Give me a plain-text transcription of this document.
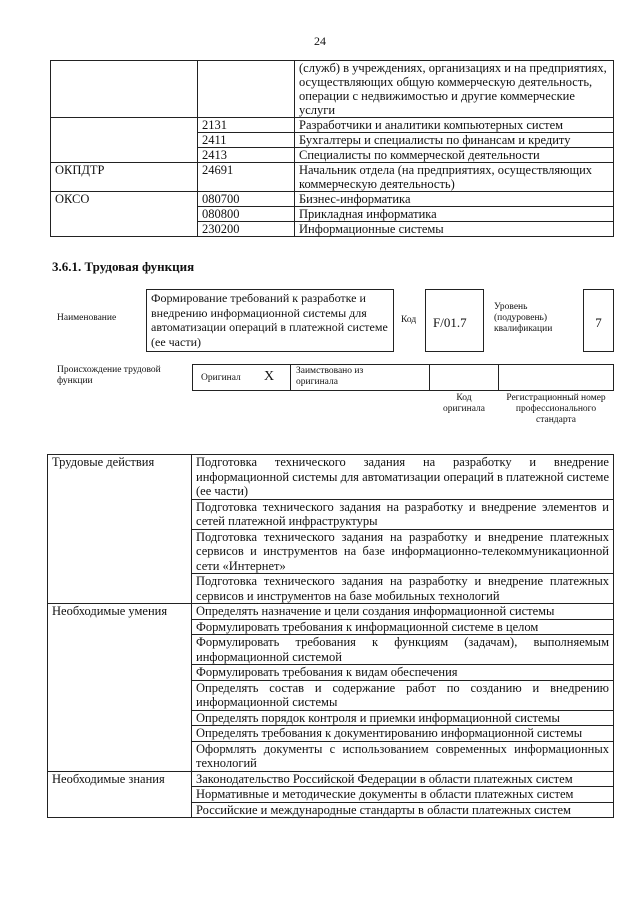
24
		(служб) в учреждениях, организациях и на предприятиях, осуществляющих общую коммерческую деятельность, операции с недвижимостью и другие коммерческие услуги
	2131	Разработчики и аналитики компьютерных систем
	2411	Бухгалтеры и специалисты по финансам и кредиту
	2413	Специалисты по коммерческой деятельности
ОКПДТР	24691	Начальник отдела (на предприятиях, осуществляющих коммерческую деятельность)
ОКСО	080700	Бизнес-информатика
	080800	Прикладная информатика
	230200	Информационные системы
3.6.1. Трудовая функция
Наименование
Формирование требований к разработке и внедрению информационной системы для автоматизации операций в платежной системе (ее части)
Код	F/01.7
Уровень (подуровень) квалификации	7
Происхождение трудовой функции	Оригинал X Заимствовано из оригинала
Код оригинала
Регистрационный номер профессионального стандарта
Трудовые действия	Подготовка технического задания на разработку и внедрение информационной системы для автоматизации операций в платежной системе (ее части)
	Подготовка технического задания на разработку и внедрение элементов и сетей платежной инфраструктуры
	Подготовка технического задания на разработку и внедрение платежных сервисов и инструментов на базе информационно-телекоммуникационной сети «Интернет»
	Подготовка технического задания на разработку и внедрение платежных сервисов и инструментов на базе мобильных технологий
Необходимые умения	Определять назначение и цели создания информационной системы
	Формулировать требования к информационной системе в целом
	Формулировать требования к функциям (задачам), выполняемым информационной системой
	Формулировать требования к видам обеспечения
	Определять состав и содержание работ по созданию и внедрению информационной системы
	Определять порядок контроля и приемки информационной системы
	Определять требования к документированию информационной системы
	Оформлять документы с использованием современных информационных технологий
Необходимые знания	Законодательство Российской Федерации в области платежных систем
	Нормативные и методические документы в области платежных систем
	Российские и международные стандарты в области платежных систем
